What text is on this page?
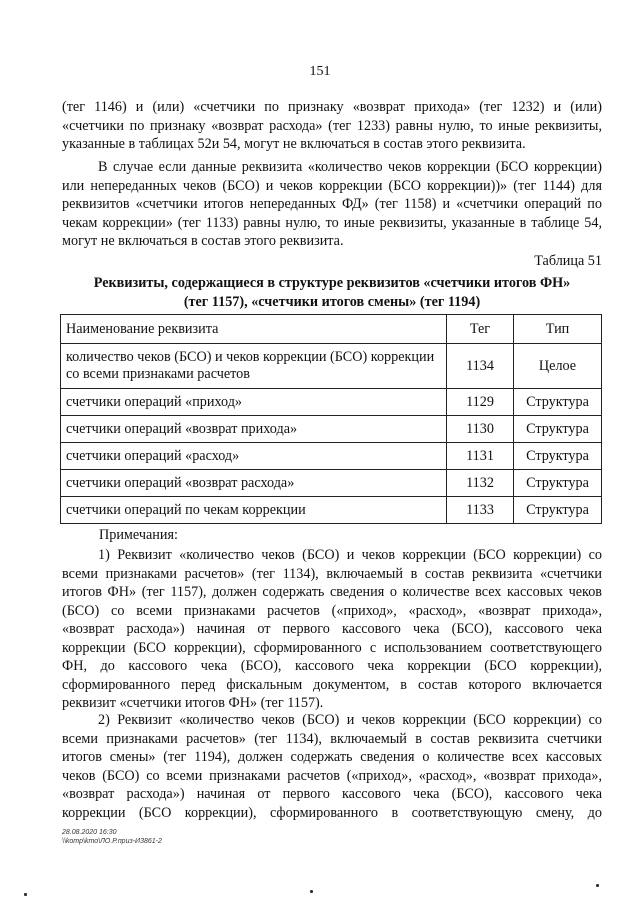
151

(тег 1146) и (или) «счетчики по признаку «возврат прихода» (тег 1232) и (или)
«счетчики по признаку «возврат расхода» (тег 1233) равны нулю, то иные реквизиты,
указанные в таблицах 52и 54, могут не включаться в состав этого реквизита.

В случае если данные реквизита «количество чеков коррекции (БСО коррекции)
или непереданных чеков (БСО) и чеков коррекции (БСО коррекции))» (тег 1144) для
реквизитов «счетчики итогов непереданных ФД» (тег 1158) и «счетчики операций по
чекам коррекции» (тег 1133) равны нулю, то иные реквизиты, указанные в таблице 54,
могут не включаться в состав этого реквизита.

Таблица 51
Реквизиты, содержащиеся в структуре реквизитов «счетчики итогов ФН»
(тег 1157), «счетчики итогов смены» (тег 1194)
Наименование реквизита	Тег	Тип
количество чеков (БСО) и чеков коррекции (БСО) коррекции со всеми признаками расчетов	1134	Целое
счетчики операций «приход»	1129	Структура
счетчики операций «возврат прихода»	1130	Структура
счетчики операций «расход»	1131	Структура
счетчики операций «возврат расхода»	1132	Структура
счетчики операций по чекам коррекции	1133	Структура
Примечания:

1) Реквизит «количество чеков (БСО) и чеков коррекции (БСО коррекции) со
всеми признаками расчетов» (тег 1134), включаемый в состав реквизита «счетчики
итогов ФН» (тег 1157), должен содержать сведения о количестве всех кассовых чеков
(БСО) со всеми признаками расчетов («приход», «расход», «возврат прихода»,
«возврат расхода») начиная от первого кассового чека (БСО), кассового чека
коррекции (БСО коррекции), сформированного с использованием соответствующего
ФН, до кассового чека (БСО), кассового чека коррекции (БСО коррекции),
сформированного перед фискальным документом, в состав которого включается
реквизит «счетчики итогов ФН» (тег 1157).

2) Реквизит «количество чеков (БСО) и чеков коррекции (БСО коррекции) со
всеми признаками расчетов» (тег 1134), включаемый в состав реквизита счетчики
итогов смены» (тег 1194), должен содержать сведения о количестве всех кассовых
чеков (БСО) со всеми признаками расчетов («приход», «расход», «возврат прихода»,
«возврат расхода») начиная от первого кассового чека (БСО), кассового чека
коррекции (БСО коррекции), сформированного в соответствующую смену, до

28.08.2020 16:30
\\komp\kmo\ЛО.Р.приз-И3861-2
